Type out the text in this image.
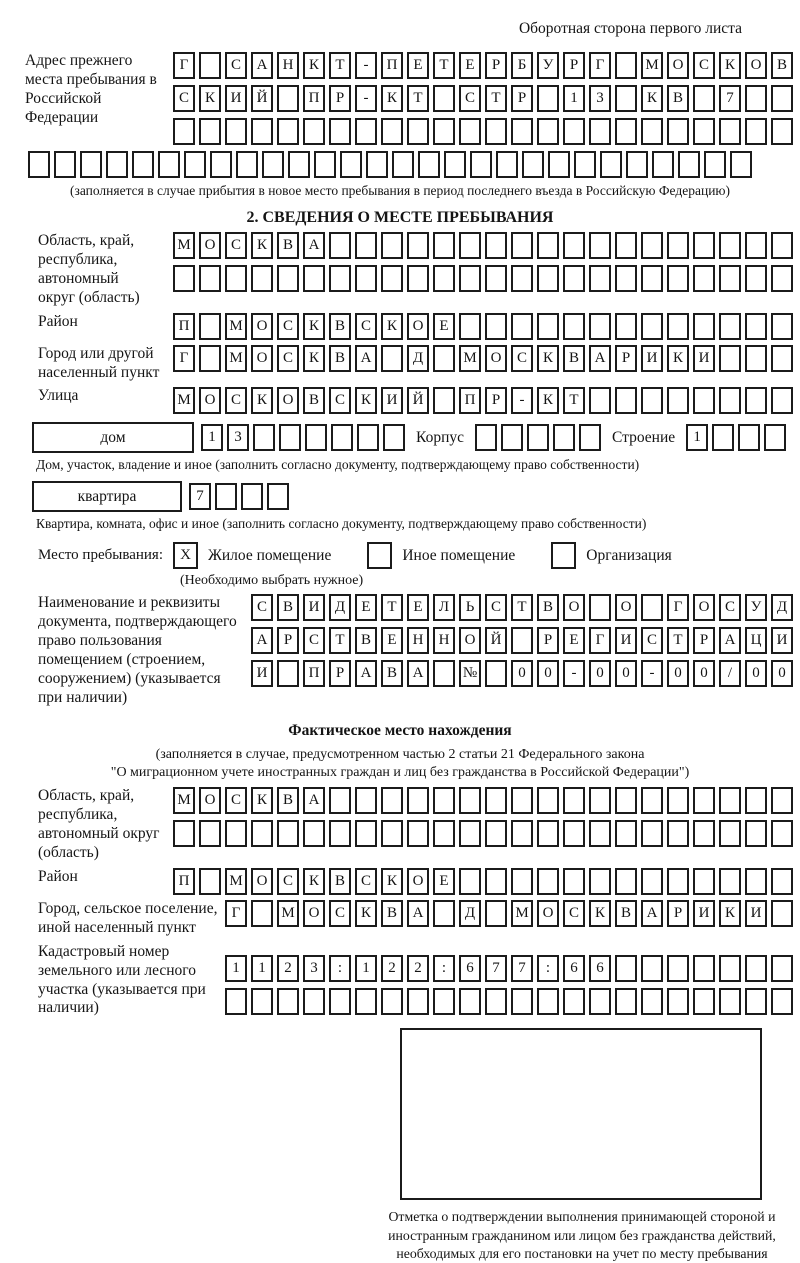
Оборотная сторона первого листа
Адрес прежнего места пребывания в Российской Федерации
Г	С	А	Н	К	Т	-	П	Е	Т	Е	Р	Б	У	Р	Г	М О	С	К	О	В
С	К	И	Й	П	Р	-	К	Т	С	Т	Р	1	3	К	В	7
(заполняется в случае прибытия в новое место пребывания в период последнего въезда в Российскую Федерацию)
2. СВЕДЕНИЯ О МЕСТЕ ПРЕБЫВАНИЯ
Область, край, республика, автономный округ (область)
М О	С	К	В	А
Район	П	М О	С	К	В	С	К	О	Е
Город или другой населенный пункт
Г	М О	С	К	В	А	Д	М О	С	К	В	А	Р	И	К	И
Улица	М О	С	К	О	В	С	К	И	Й	П	Р	-	К	Т
дом	1	3	Корпус	Строение	1
Дом, участок, владение и иное (заполнить согласно документу, подтверждающему право собственности)
квартира	7
Квартира, комната, офис и иное (заполнить согласно документу, подтверждающему право собственности)
Место пребывания:	X	Жилое помещение	Иное помещение	Организация
(Необходимо выбрать нужное)
Наименование и реквизиты документа, подтверждающего право пользования помещением (строением, сооружением) (указывается при наличии)
С	В	И	Д	Е	Т	Е	Л	Ь	С	Т	В	О	О	Г	О	С	У	Д
А	Р	С	Т	В	Е	Н	Н	О	Й	Р	Е	Г	И	С	Т	Р	А	Ц	И
И	П	Р	А	В	А	№	0	0	-	0	0	-	0	0	/	0	0
Фактическое место нахождения
(заполняется в случае, предусмотренном частью 2 статьи 21 Федерального закона
"О миграционном учете иностранных граждан и лиц без гражданства в Российской Федерации")
Область, край, республика, автономный округ (область)
М О	С	К	В	А
Район	П	М О	С	К	В	С	К	О	Е
Город, сельское поселение, иной населенный пункт
Г	М О	С	К	В	А	Д	М О	С	К	В	А	Р	И	К	И
Кадастровый номер земельного или лесного участка (указывается при наличии)
1	1	2	3	:	1	2	2	:	6	7	7	:	6	6
Отметка о подтверждении выполнения принимающей стороной и иностранным гражданином или лицом без гражданства действий, необходимых для его постановки на учет по месту пребывания
